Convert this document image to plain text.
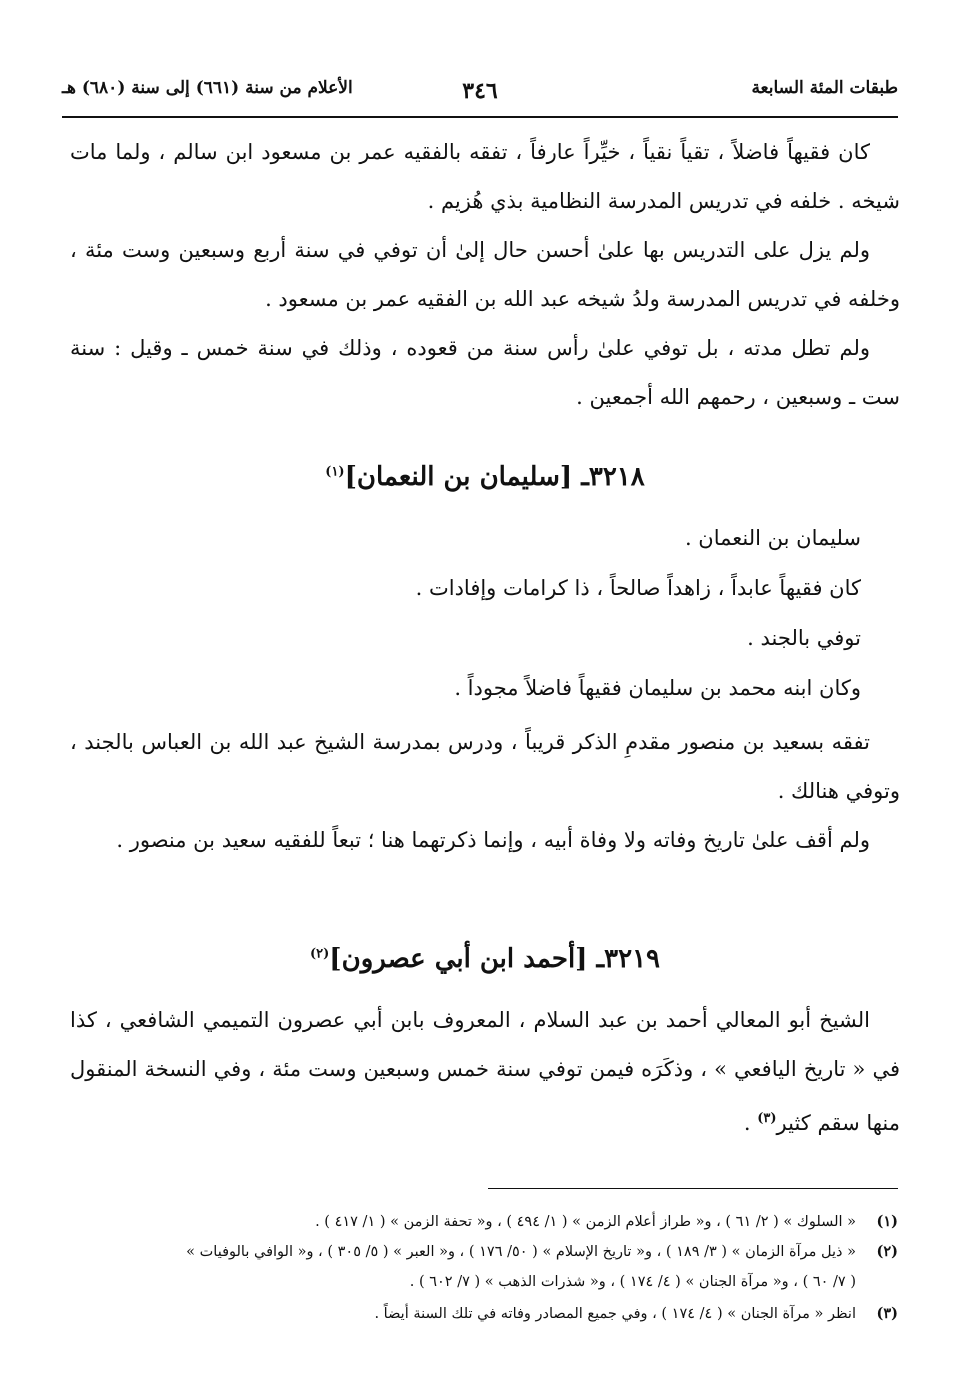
طبقات المئة السابعة
٣٤٦
الأعلام من سنة (٦٦١) إلى سنة (٦٨٠) هـ

كان فقيهاً فاضلاً ، تقياً نقياً ، خيِّراً عارفاً ، تفقه بالفقيه عمر بن مسعود ابن سالم ، ولما مات شيخه . خلفه في تدريس المدرسة النظامية بذي هُزيم .

ولم يزل على التدريس بها علىٰ أحسن حال إلىٰ أن توفي في سنة أربع وسبعين وست مئة ، وخلفه في تدريس المدرسة ولدُ شيخه عبد الله بن الفقيه عمر بن مسعود .

ولم تطل مدته ، بل توفي علىٰ رأس سنة من قعوده ، وذلك في سنة خمس ـ وقيل : سنة ست ـ وسبعين ، رحمهم الله أجمعين .

٣٢١٨ـ [سليمان بن النعمان]$^{(١)}$
سليمان بن النعمان .
كان فقيهاً عابداً ، زاهداً صالحاً ، ذا كرامات وإفادات .
توفي بالجند .
وكان ابنه محمد بن سليمان فقيهاً فاضلاً مجوداً .

تفقه بسعيد بن منصور مقدمِ الذكر قريباً ، ودرس بمدرسة الشيخ عبد الله بن العباس بالجند ، وتوفي هنالك .

ولم أقف علىٰ تاريخ وفاته ولا وفاة أبيه ، وإنما ذكرتهما هنا ؛ تبعاً للفقيه سعيد بن منصور .

٣٢١٩ـ [أحمد ابن أبي عصرون]$^{(٢)}$

الشيخ أبو المعالي أحمد بن عبد السلام ، المعروف بابن أبي عصرون التميمي الشافعي ، كذا في « تاريخ اليافعي » ، وذكَرَه فيمن توفي سنة خمس وسبعين وست مئة ، وفي النسخة المنقول منها سقم كثير$^{(٣)}$ .

(١)« السلوك » ( ٢/ ٦١ ) ، و« طراز أعلام الزمن » ( ١/ ٤٩٤ ) ، و« تحفة الزمن » ( ١/ ٤١٧ ) .
(٢)« ذيل مرآة الزمان » ( ٣/ ١٨٩ ) ، و« تاريخ الإسلام » ( ٥٠/ ١٧٦ ) ، و« العبر » ( ٥/ ٣٠٥ ) ، و« الوافي بالوفيات »
( ٧/ ٦٠ ) ، و« مرآة الجنان » ( ٤/ ١٧٤ ) ، و« شذرات الذهب » ( ٧/ ٦٠٢ ) .
(٣)انظر « مرآة الجنان » ( ٤/ ١٧٤ ) ، وفي جميع المصادر وفاته في تلك السنة أيضاً .
